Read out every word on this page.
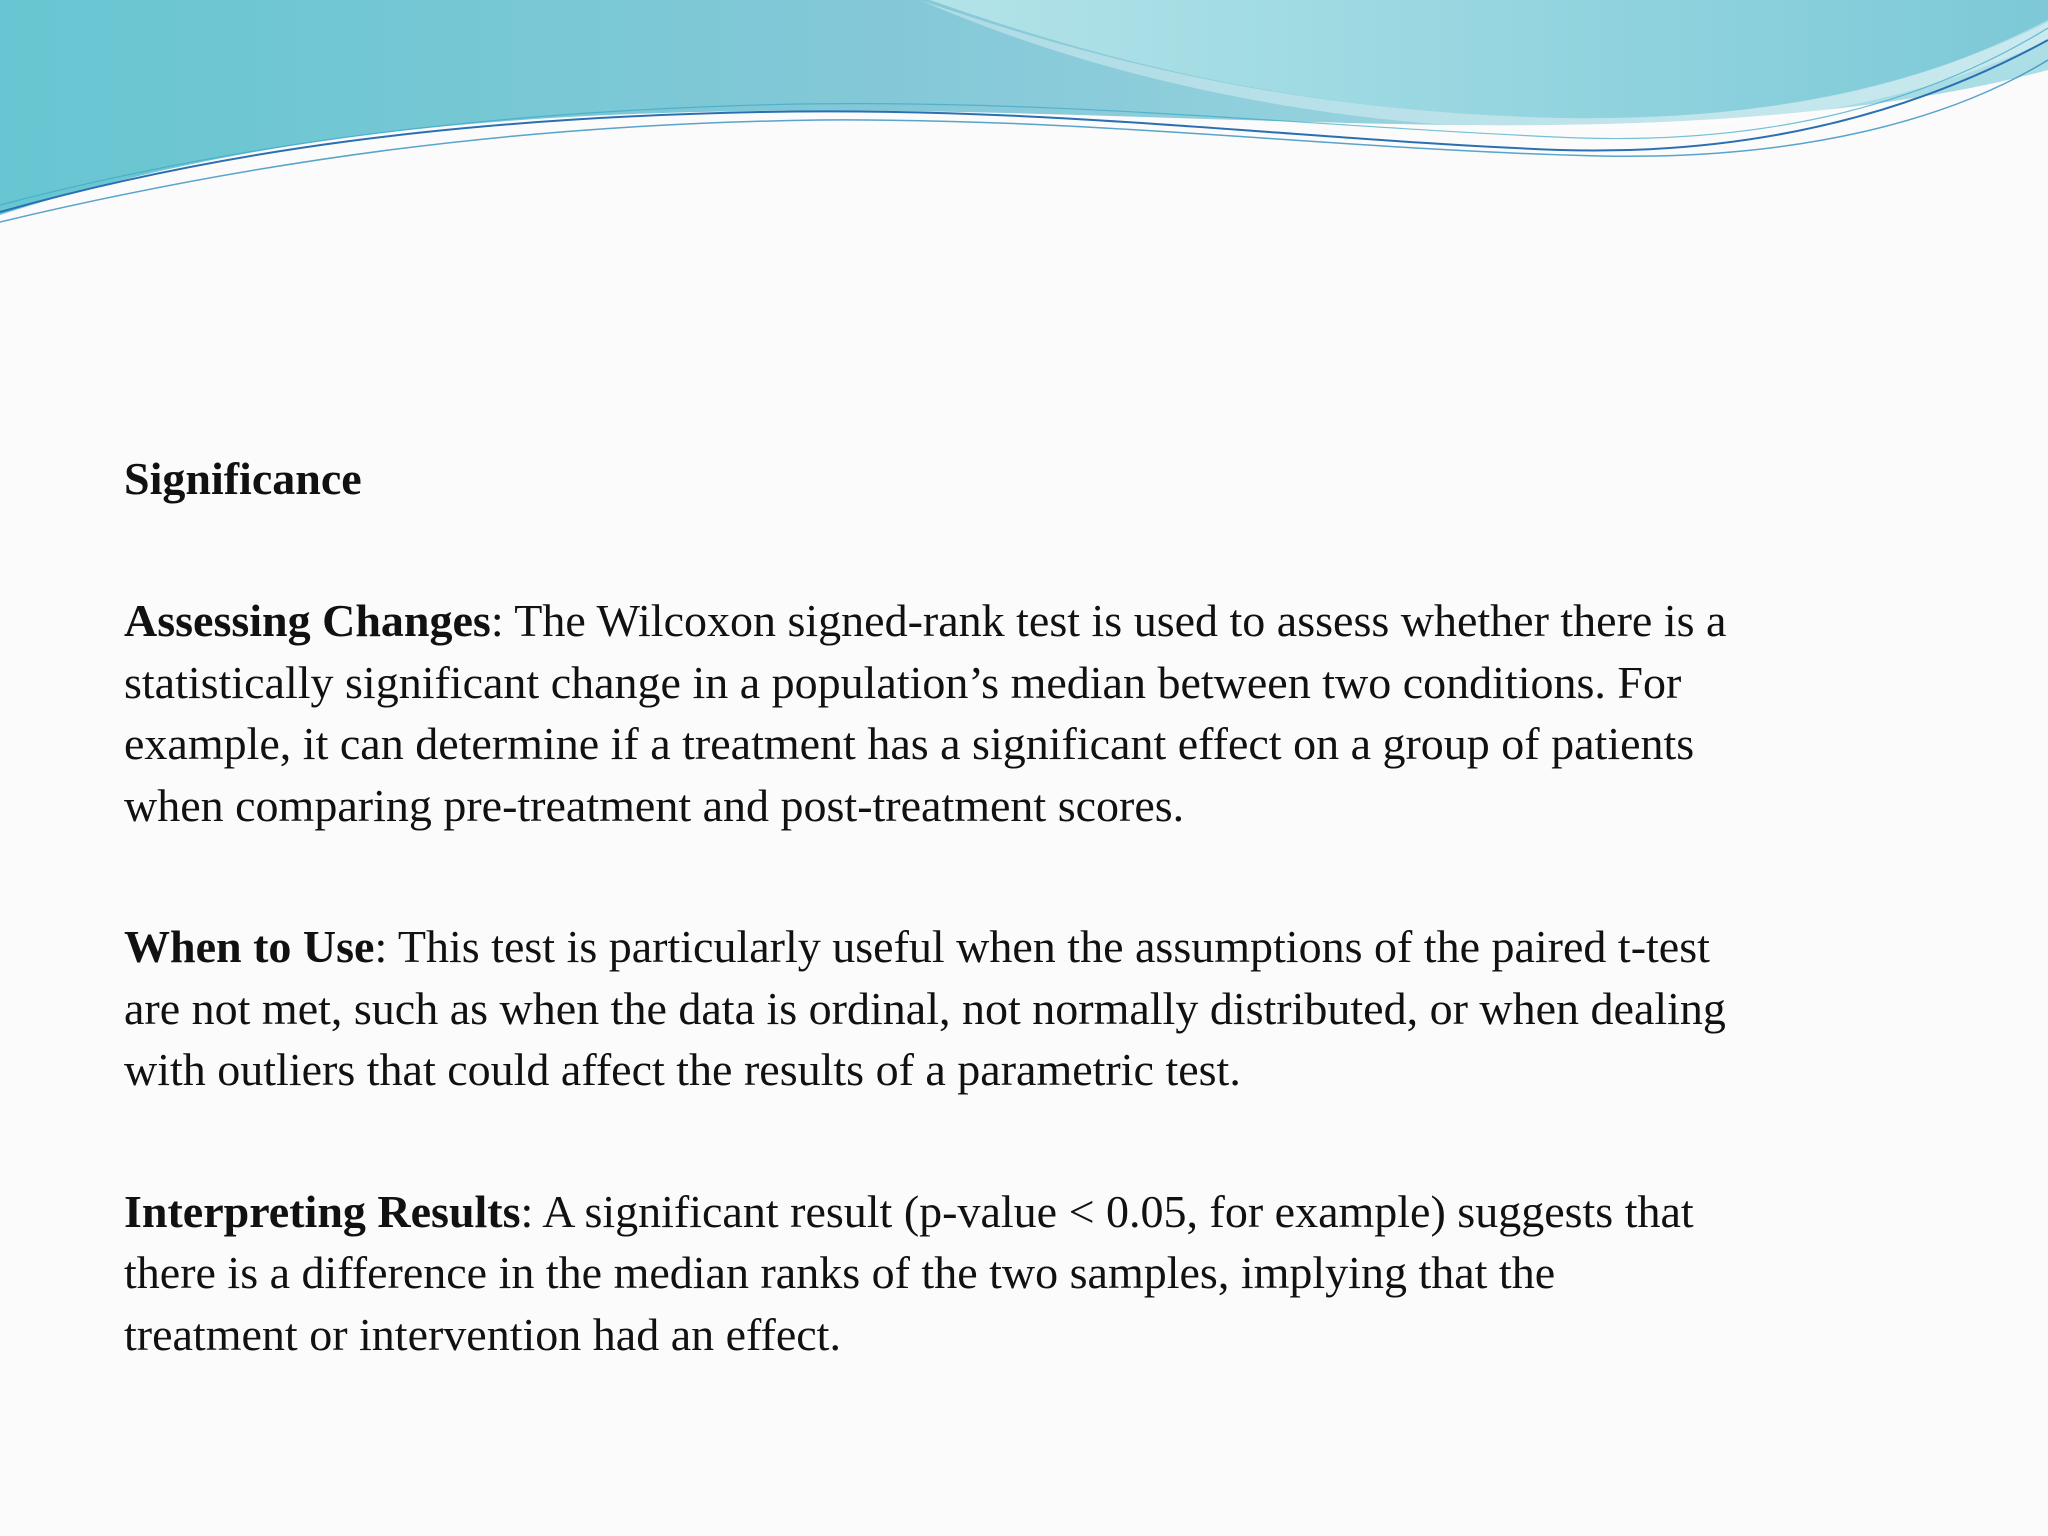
Significance
Assessing Changes: The Wilcoxon signed-rank test is used to assess whether there is a
statistically significant change in a population’s median between two conditions. For
example, it can determine if a treatment has a significant effect on a group of patients
when comparing pre-treatment and post-treatment scores.
When to Use: This test is particularly useful when the assumptions of the paired t-test
are not met, such as when the data is ordinal, not normally distributed, or when dealing
with outliers that could affect the results of a parametric test.
Interpreting Results: A significant result (p-value < 0.05, for example) suggests that
there is a difference in the median ranks of the two samples, implying that the
treatment or intervention had an effect.
